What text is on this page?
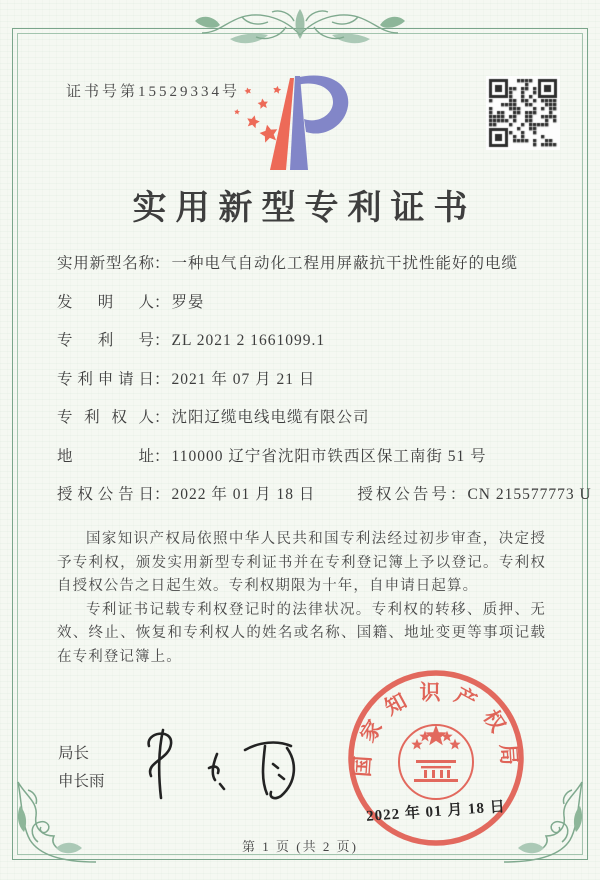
证书号第15529334号
实用新型专利证书
实用新型名称 ： 一种电气自动化工程用屏蔽抗干扰性能好的电缆
发明人 ： 罗晏
专利号 ： ZL 2021 2 1661099.1
专利申请日 ： 2021 年 07 月 21 日
专利权人 ： 沈阳辽缆电线电缆有限公司
地址 ： 110000 辽宁省沈阳市铁西区保工南街 51 号
授权公告日 ： 2022 年 01 月 18 日	授权公告号 ： CN 215577773 U

国家知识产权局依照中华人民共和国专利法经过初步审查，决定授予专利权，颁发实用新型专利证书并在专利登记簿上予以登记。专利权自授权公告之日起生效。专利权期限为十年，自申请日起算。

专利证书记载专利权登记时的法律状况。专利权的转移、质押、无效、终止、恢复和专利权人的姓名或名称、国籍、地址变更等事项记载在专利登记簿上。

局长
申长雨
国家知识产权局
2022 年 01 月 18 日
第 1 页 (共 2 页)
